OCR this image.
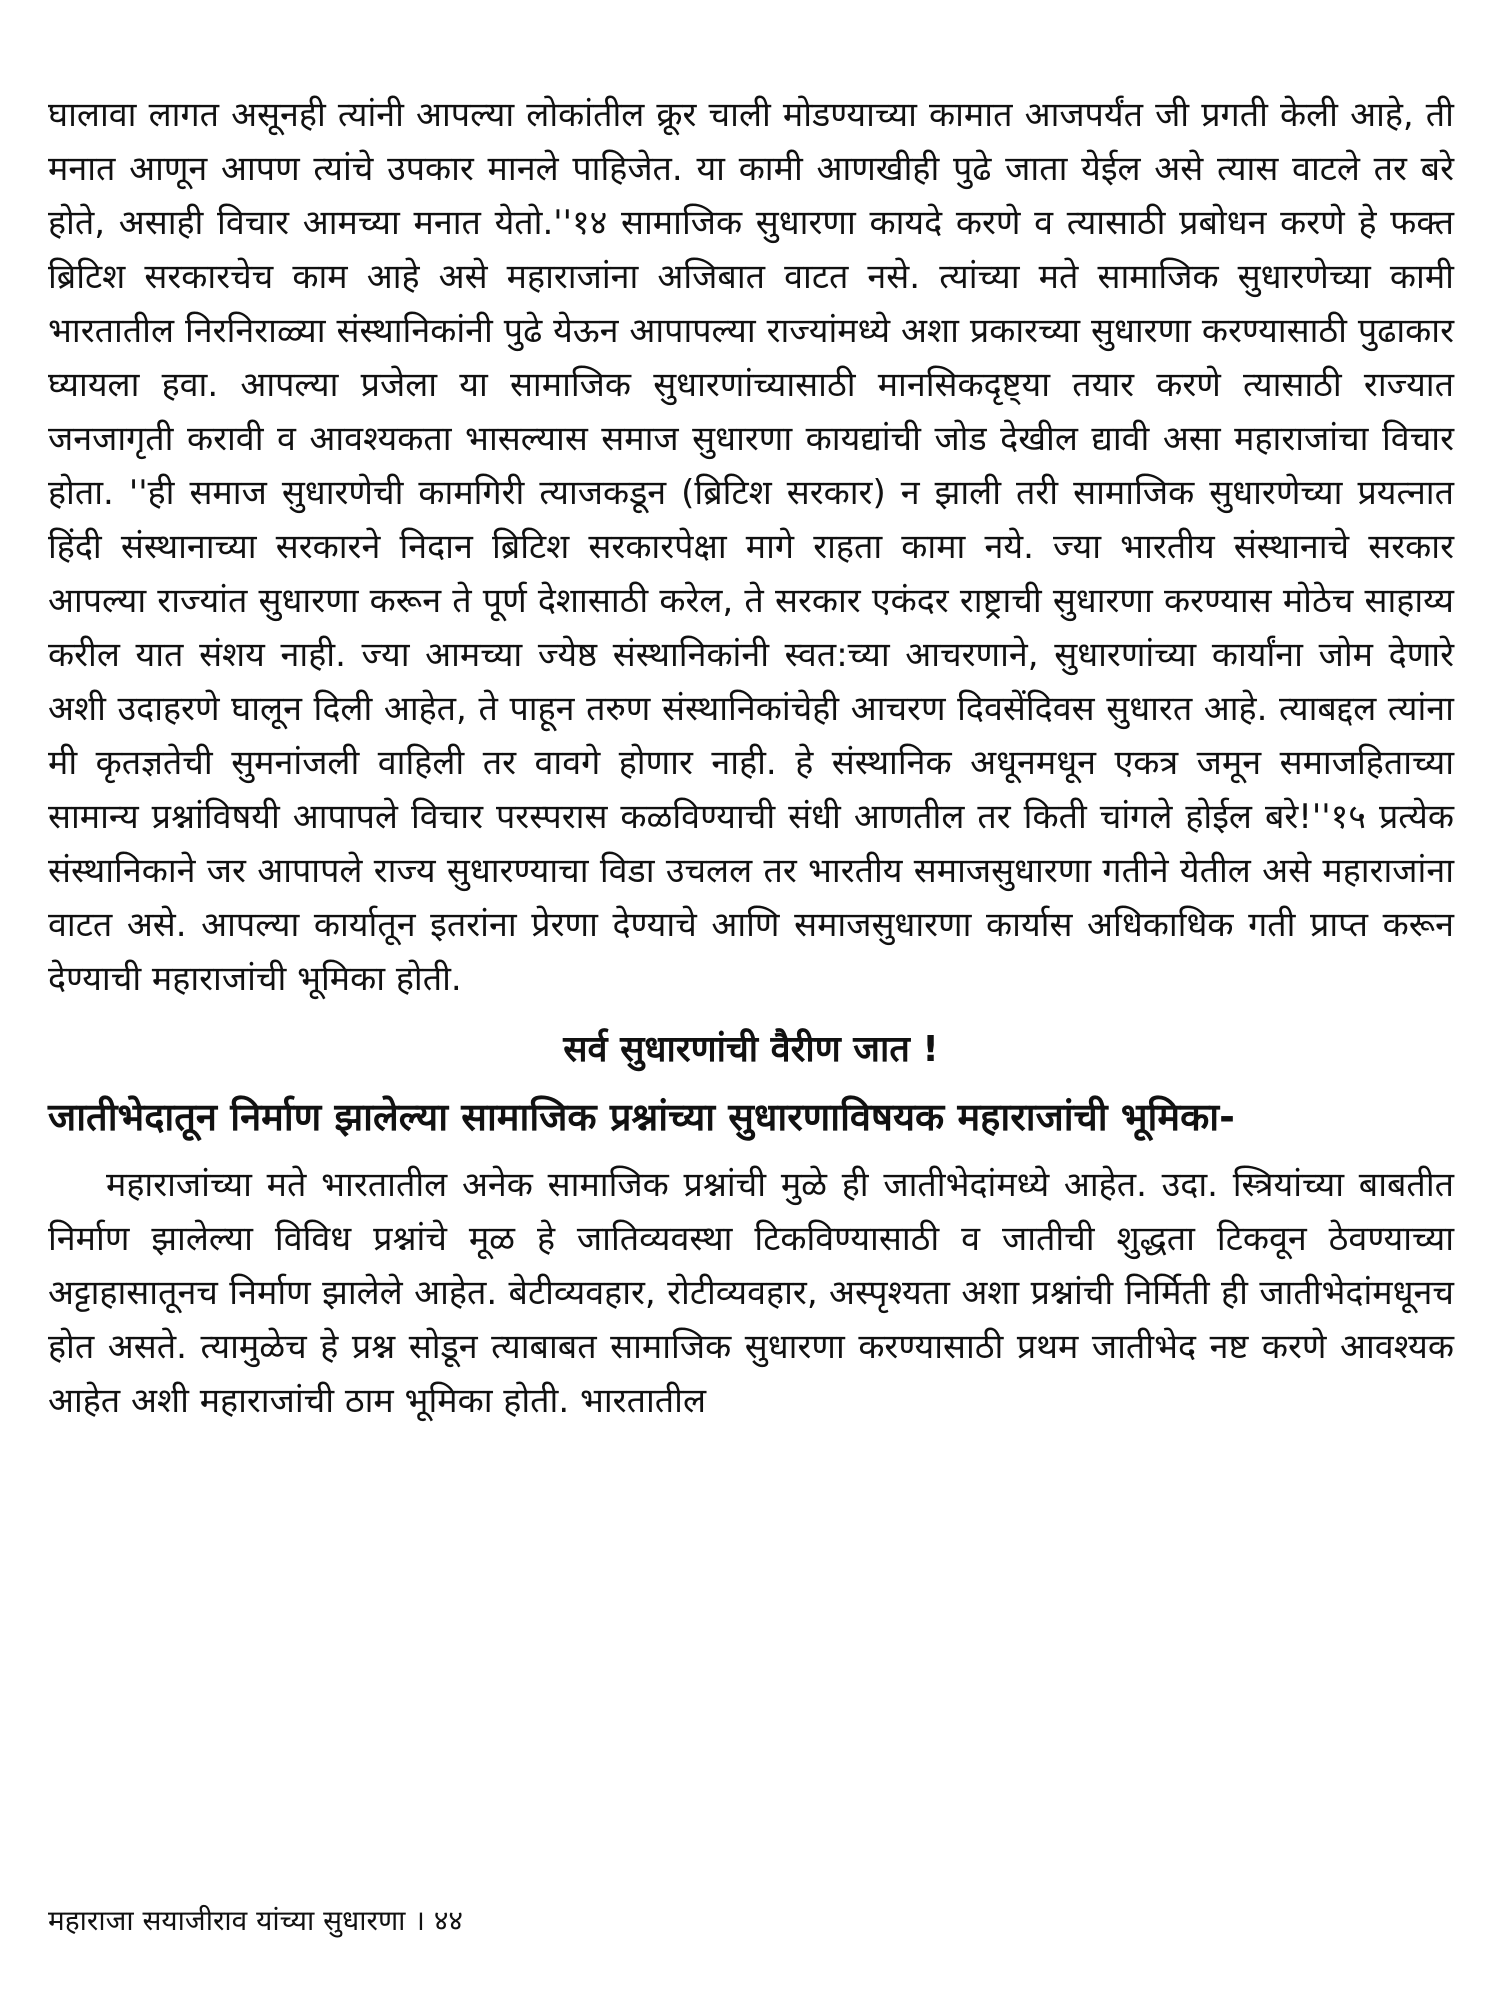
घालावा लागत असूनही त्यांनी आपल्या लोकांतील क्रूर चाली मोडण्याच्या कामात आजपर्यंत जी प्रगती केली आहे, ती मनात आणून आपण त्यांचे उपकार मानले पाहिजेत. या कामी आणखीही पुढे जाता येईल असे त्यास वाटले तर बरे होते, असाही विचार आमच्या मनात येतो.''१४ सामाजिक सुधारणा कायदे करणे व त्यासाठी प्रबोधन करणे हे फक्त ब्रिटिश सरकारचेच काम आहे असे महाराजांना अजिबात वाटत नसे. त्यांच्या मते सामाजिक सुधारणेच्या कामी भारतातील निरनिराळ्या संस्थानिकांनी पुढे येऊन आपापल्या राज्यांमध्ये अशा प्रकारच्या सुधारणा करण्यासाठी पुढाकार घ्यायला हवा. आपल्या प्रजेला या सामाजिक सुधारणांच्यासाठी मानसिकदृष्ट्या तयार करणे त्यासाठी राज्यात जनजागृती करावी व आवश्यकता भासल्यास समाज सुधारणा कायद्यांची जोड देखील द्यावी असा महाराजांचा विचार होता. ''ही समाज सुधारणेची कामगिरी त्याजकडून (ब्रिटिश सरकार) न झाली तरी सामाजिक सुधारणेच्या प्रयत्नात हिंदी संस्थानाच्या सरकारने निदान ब्रिटिश सरकारपेक्षा मागे राहता कामा नये. ज्या भारतीय संस्थानाचे सरकार आपल्या राज्यांत सुधारणा करून ते पूर्ण देशासाठी करेल, ते सरकार एकंदर राष्ट्राची सुधारणा करण्यास मोठेच साहाय्य करील यात संशय नाही. ज्या आमच्या ज्येष्ठ संस्थानिकांनी स्वत:च्या आचरणाने, सुधारणांच्या कार्यांना जोम देणारे अशी उदाहरणे घालून दिली आहेत, ते पाहून तरुण संस्थानिकांचेही आचरण दिवसेंदिवस सुधारत आहे. त्याबद्दल त्यांना मी कृतज्ञतेची सुमनांजली वाहिली तर वावगे होणार नाही. हे संस्थानिक अधूनमधून एकत्र जमून समाजहिताच्या सामान्य प्रश्नांविषयी आपापले विचार परस्परास कळविण्याची संधी आणतील तर किती चांगले होईल बरे!''१५ प्रत्येक संस्थानिकाने जर आपापले राज्य सुधारण्याचा विडा उचलल तर भारतीय समाजसुधारणा गतीने येतील असे महाराजांना वाटत असे. आपल्या कार्यातून इतरांना प्रेरणा देण्याचे आणि समाजसुधारणा कार्यास अधिकाधिक गती प्राप्त करून देण्याची महाराजांची भूमिका होती.

सर्व सुधारणांची वैरीण जात !
जातीभेदातून निर्माण झालेल्या सामाजिक प्रश्नांच्या सुधारणाविषयक महाराजांची भूमिका-

महाराजांच्या मते भारतातील अनेक सामाजिक प्रश्नांची मुळे ही जातीभेदांमध्ये आहेत. उदा. स्त्रियांच्या बाबतीत निर्माण झालेल्या विविध प्रश्नांचे मूळ हे जातिव्यवस्था टिकविण्यासाठी व जातीची शुद्धता टिकवून ठेवण्याच्या अट्टाहासातूनच निर्माण झालेले आहेत. बेटीव्यवहार, रोटीव्यवहार, अस्पृश्यता अशा प्रश्नांची निर्मिती ही जातीभेदांमधूनच होत असते. त्यामुळेच हे प्रश्न सोडून त्याबाबत सामाजिक सुधारणा करण्यासाठी प्रथम जातीभेद नष्ट करणे आवश्यक आहेत अशी महाराजांची ठाम भूमिका होती. भारतातील

महाराजा सयाजीराव यांच्या सुधारणा । ४४
